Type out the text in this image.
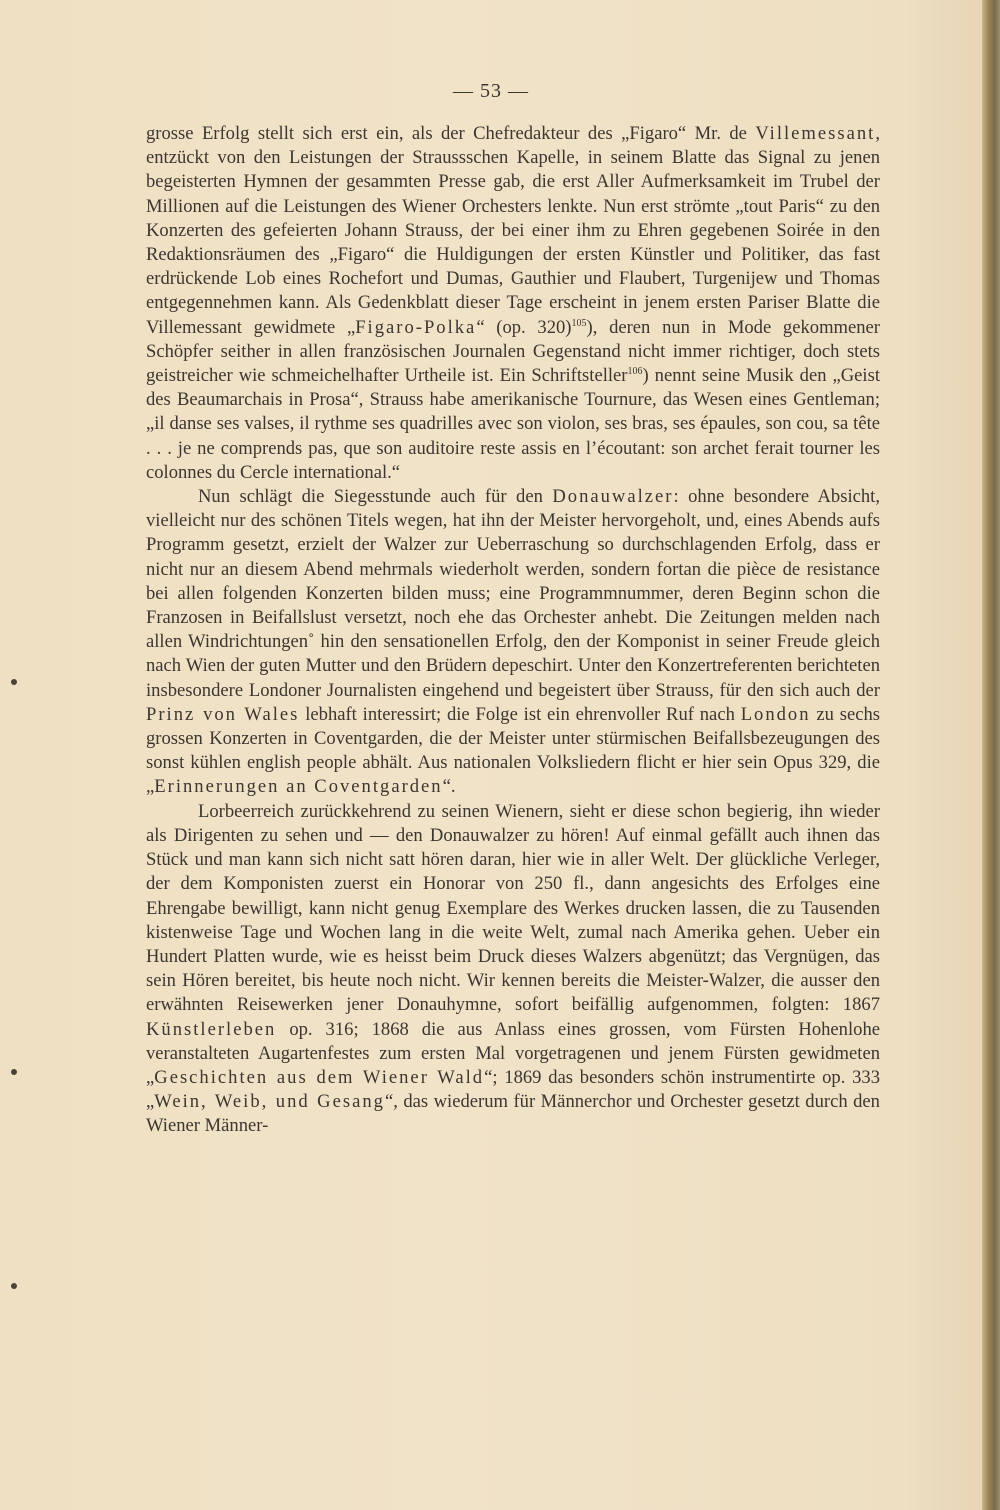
— 53 —

grosse Erfolg stellt sich erst ein, als der Chefredakteur des „Figaro“ Mr. de Villemessant, entzückt von den Leistungen der Straussschen Kapelle, in seinem Blatte das Signal zu jenen begeisterten Hymnen der gesammten Presse gab, die erst Aller Aufmerksamkeit im Trubel der Millionen auf die Leistungen des Wiener Orchesters lenkte. Nun erst strömte „tout Paris“ zu den Konzerten des gefeierten Johann Strauss, der bei einer ihm zu Ehren gegebenen Soirée in den Redaktionsräumen des „Figaro“ die Huldigungen der ersten Künstler und Politiker, das fast erdrückende Lob eines Rochefort und Dumas, Gauthier und Flaubert, Turgenijew und Thomas entgegennehmen kann. Als Gedenkblatt dieser Tage erscheint in jenem ersten Pariser Blatte die Villemessant gewidmete „Figaro-Polka“ (op. 320)$^{105}$), deren nun in Mode gekommener Schöpfer seither in allen französischen Journalen Gegenstand nicht immer richtiger, doch stets geistreicher wie schmeichelhafter Urtheile ist. Ein Schriftsteller$^{106}$) nennt seine Musik den „Geist des Beaumarchais in Prosa“, Strauss habe amerikanische Tournure, das Wesen eines Gentleman; „il danse ses valses, il rythme ses quadrilles avec son violon, ses bras, ses épaules, son cou, sa tête . . . je ne comprends pas, que son auditoire reste assis en l’écoutant: son archet ferait tourner les colonnes du Cercle international.“

Nun schlägt die Siegesstunde auch für den Donauwalzer: ohne besondere Absicht, vielleicht nur des schönen Titels wegen, hat ihn der Meister hervorgeholt, und, eines Abends aufs Programm gesetzt, erzielt der Walzer zur Ueberraschung so durchschlagenden Erfolg, dass er nicht nur an diesem Abend mehrmals wiederholt werden, sondern fortan die pièce de resistance bei allen folgenden Konzerten bilden muss; eine Programmnummer, deren Beginn schon die Franzosen in Beifallslust versetzt, noch ehe das Orchester anhebt. Die Zeitungen melden nach allen Windrichtungen˚ hin den sensationellen Erfolg, den der Komponist in seiner Freude gleich nach Wien der guten Mutter und den Brüdern depeschirt. Unter den Konzertreferenten berichteten insbesondere Londoner Journalisten eingehend und begeistert über Strauss, für den sich auch der Prinz von Wales lebhaft interessirt; die Folge ist ein ehrenvoller Ruf nach London zu sechs grossen Konzerten in Coventgarden, die der Meister unter stürmischen Beifallsbezeugungen des sonst kühlen english people abhält. Aus nationalen Volksliedern flicht er hier sein Opus 329, die „Erinnerungen an Coventgarden“.

Lorbeerreich zurückkehrend zu seinen Wienern, sieht er diese schon begierig, ihn wieder als Dirigenten zu sehen und — den Donauwalzer zu hören! Auf einmal gefällt auch ihnen das Stück und man kann sich nicht satt hören daran, hier wie in aller Welt. Der glückliche Verleger, der dem Komponisten zuerst ein Honorar von 250 fl., dann angesichts des Erfolges eine Ehrengabe bewilligt, kann nicht genug Exemplare des Werkes drucken lassen, die zu Tausenden kistenweise Tage und Wochen lang in die weite Welt, zumal nach Amerika gehen. Ueber ein Hundert Platten wurde, wie es heisst beim Druck dieses Walzers abgenützt; das Vergnügen, das sein Hören bereitet, bis heute noch nicht. Wir kennen bereits die Meister-Walzer, die ausser den erwähnten Reisewerken jener Donauhymne, sofort beifällig aufgenommen, folgten: 1867 Künstlerleben op. 316; 1868 die aus Anlass eines grossen, vom Fürsten Hohenlohe veranstalteten Augartenfestes zum ersten Mal vorgetragenen und jenem Fürsten gewidmeten „Geschichten aus dem Wiener Wald“; 1869 das besonders schön instrumentirte op. 333 „Wein, Weib, und Gesang“, das wiederum für Männerchor und Orchester gesetzt durch den Wiener Männer-
